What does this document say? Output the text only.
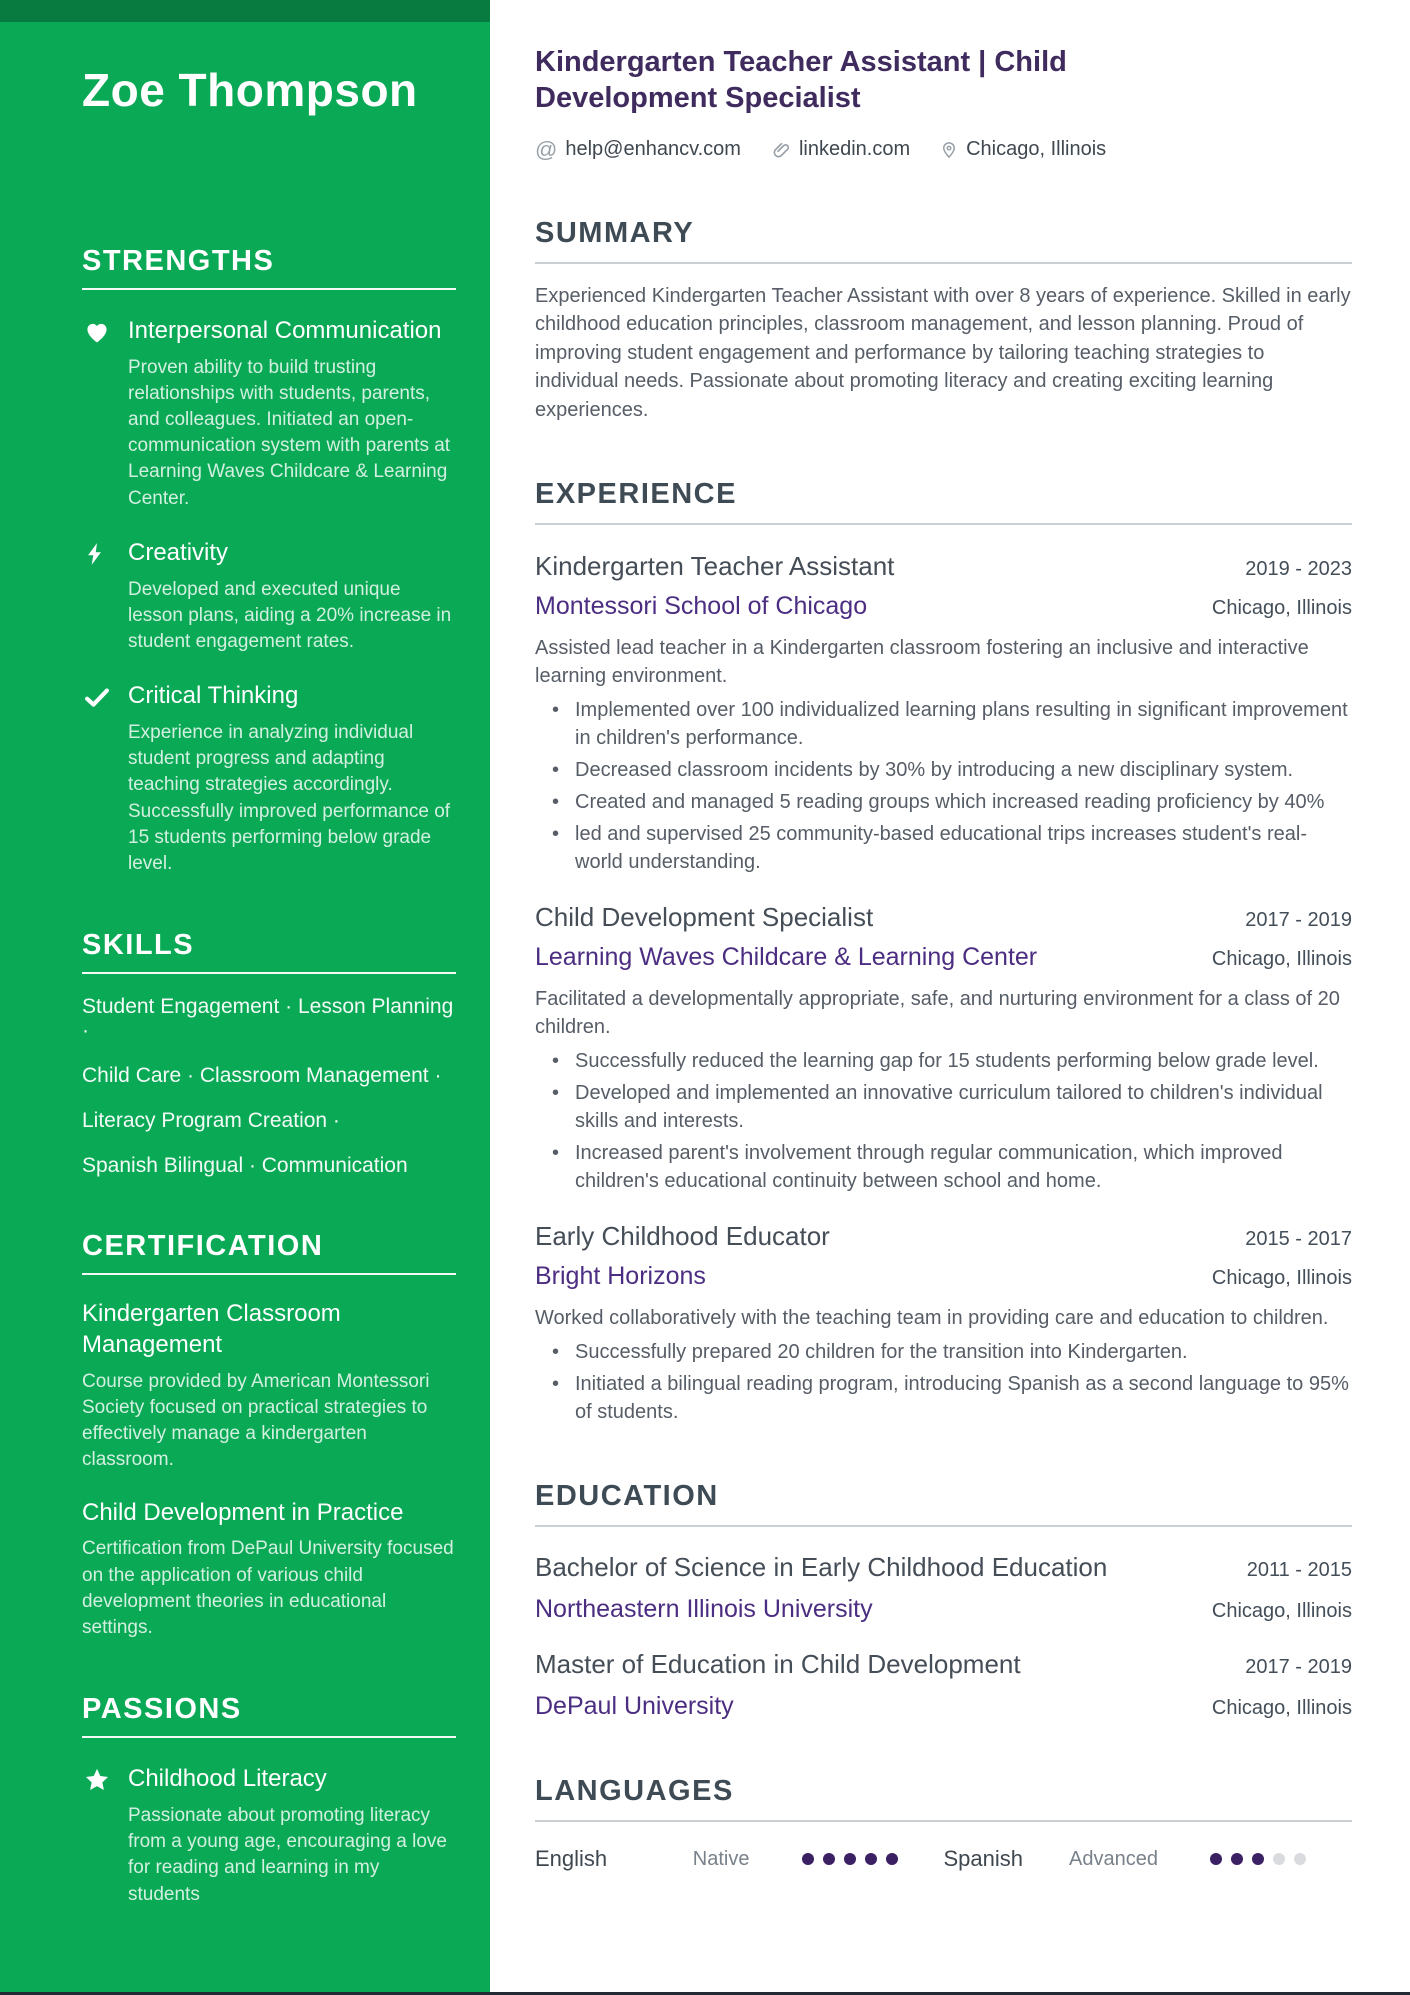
Zoe Thompson
STRENGTHS
Interpersonal Communication
Proven ability to build trusting relationships with students, parents, and colleagues. Initiated an open-communication system with parents at Learning Waves Childcare & Learning Center.
Creativity
Developed and executed unique lesson plans, aiding a 20% increase in student engagement rates.
Critical Thinking
Experience in analyzing individual student progress and adapting teaching strategies accordingly. Successfully improved performance of 15 students performing below grade level.
SKILLS
Student Engagement · Lesson Planning ·
Child Care · Classroom Management ·
Literacy Program Creation ·
Spanish Bilingual · Communication
CERTIFICATION
Kindergarten Classroom Management
Course provided by American Montessori Society focused on practical strategies to effectively manage a kindergarten classroom.
Child Development in Practice
Certification from DePaul University focused on the application of various child development theories in educational settings.
PASSIONS
Childhood Literacy
Passionate about promoting literacy from a young age, encouraging a love for reading and learning in my students
Kindergarten Teacher Assistant | Child Development Specialist
@ help@enhancv.com	linkedin.com	Chicago, Illinois
SUMMARY

Experienced Kindergarten Teacher Assistant with over 8 years of experience. Skilled in early childhood education principles, classroom management, and lesson planning. Proud of improving student engagement and performance by tailoring teaching strategies to individual needs. Passionate about promoting literacy and creating exciting learning experiences.

EXPERIENCE
Kindergarten Teacher Assistant	2019 - 2023
Montessori School of Chicago	Chicago, Illinois

Assisted lead teacher in a Kindergarten classroom fostering an inclusive and interactive learning environment.

• Implemented over 100 individualized learning plans resulting in significant improvement in children's performance.
• Decreased classroom incidents by 30% by introducing a new disciplinary system.
• Created and managed 5 reading groups which increased reading proficiency by 40%
• led and supervised 25 community-based educational trips increases student's real-world understanding.
Child Development Specialist	2017 - 2019
Learning Waves Childcare & Learning Center	Chicago, Illinois

Facilitated a developmentally appropriate, safe, and nurturing environment for a class of 20 children.

• Successfully reduced the learning gap for 15 students performing below grade level.
• Developed and implemented an innovative curriculum tailored to children's individual skills and interests.
• Increased parent's involvement through regular communication, which improved children's educational continuity between school and home.
Early Childhood Educator	2015 - 2017
Bright Horizons	Chicago, Illinois

Worked collaboratively with the teaching team in providing care and education to children.

• Successfully prepared 20 children for the transition into Kindergarten.
• Initiated a bilingual reading program, introducing Spanish as a second language to 95% of students.
EDUCATION
Bachelor of Science in Early Childhood Education	2011 - 2015
Northeastern Illinois University	Chicago, Illinois
Master of Education in Child Development	2017 - 2019
DePaul University	Chicago, Illinois
LANGUAGES
English	Native	Spanish	Advanced
